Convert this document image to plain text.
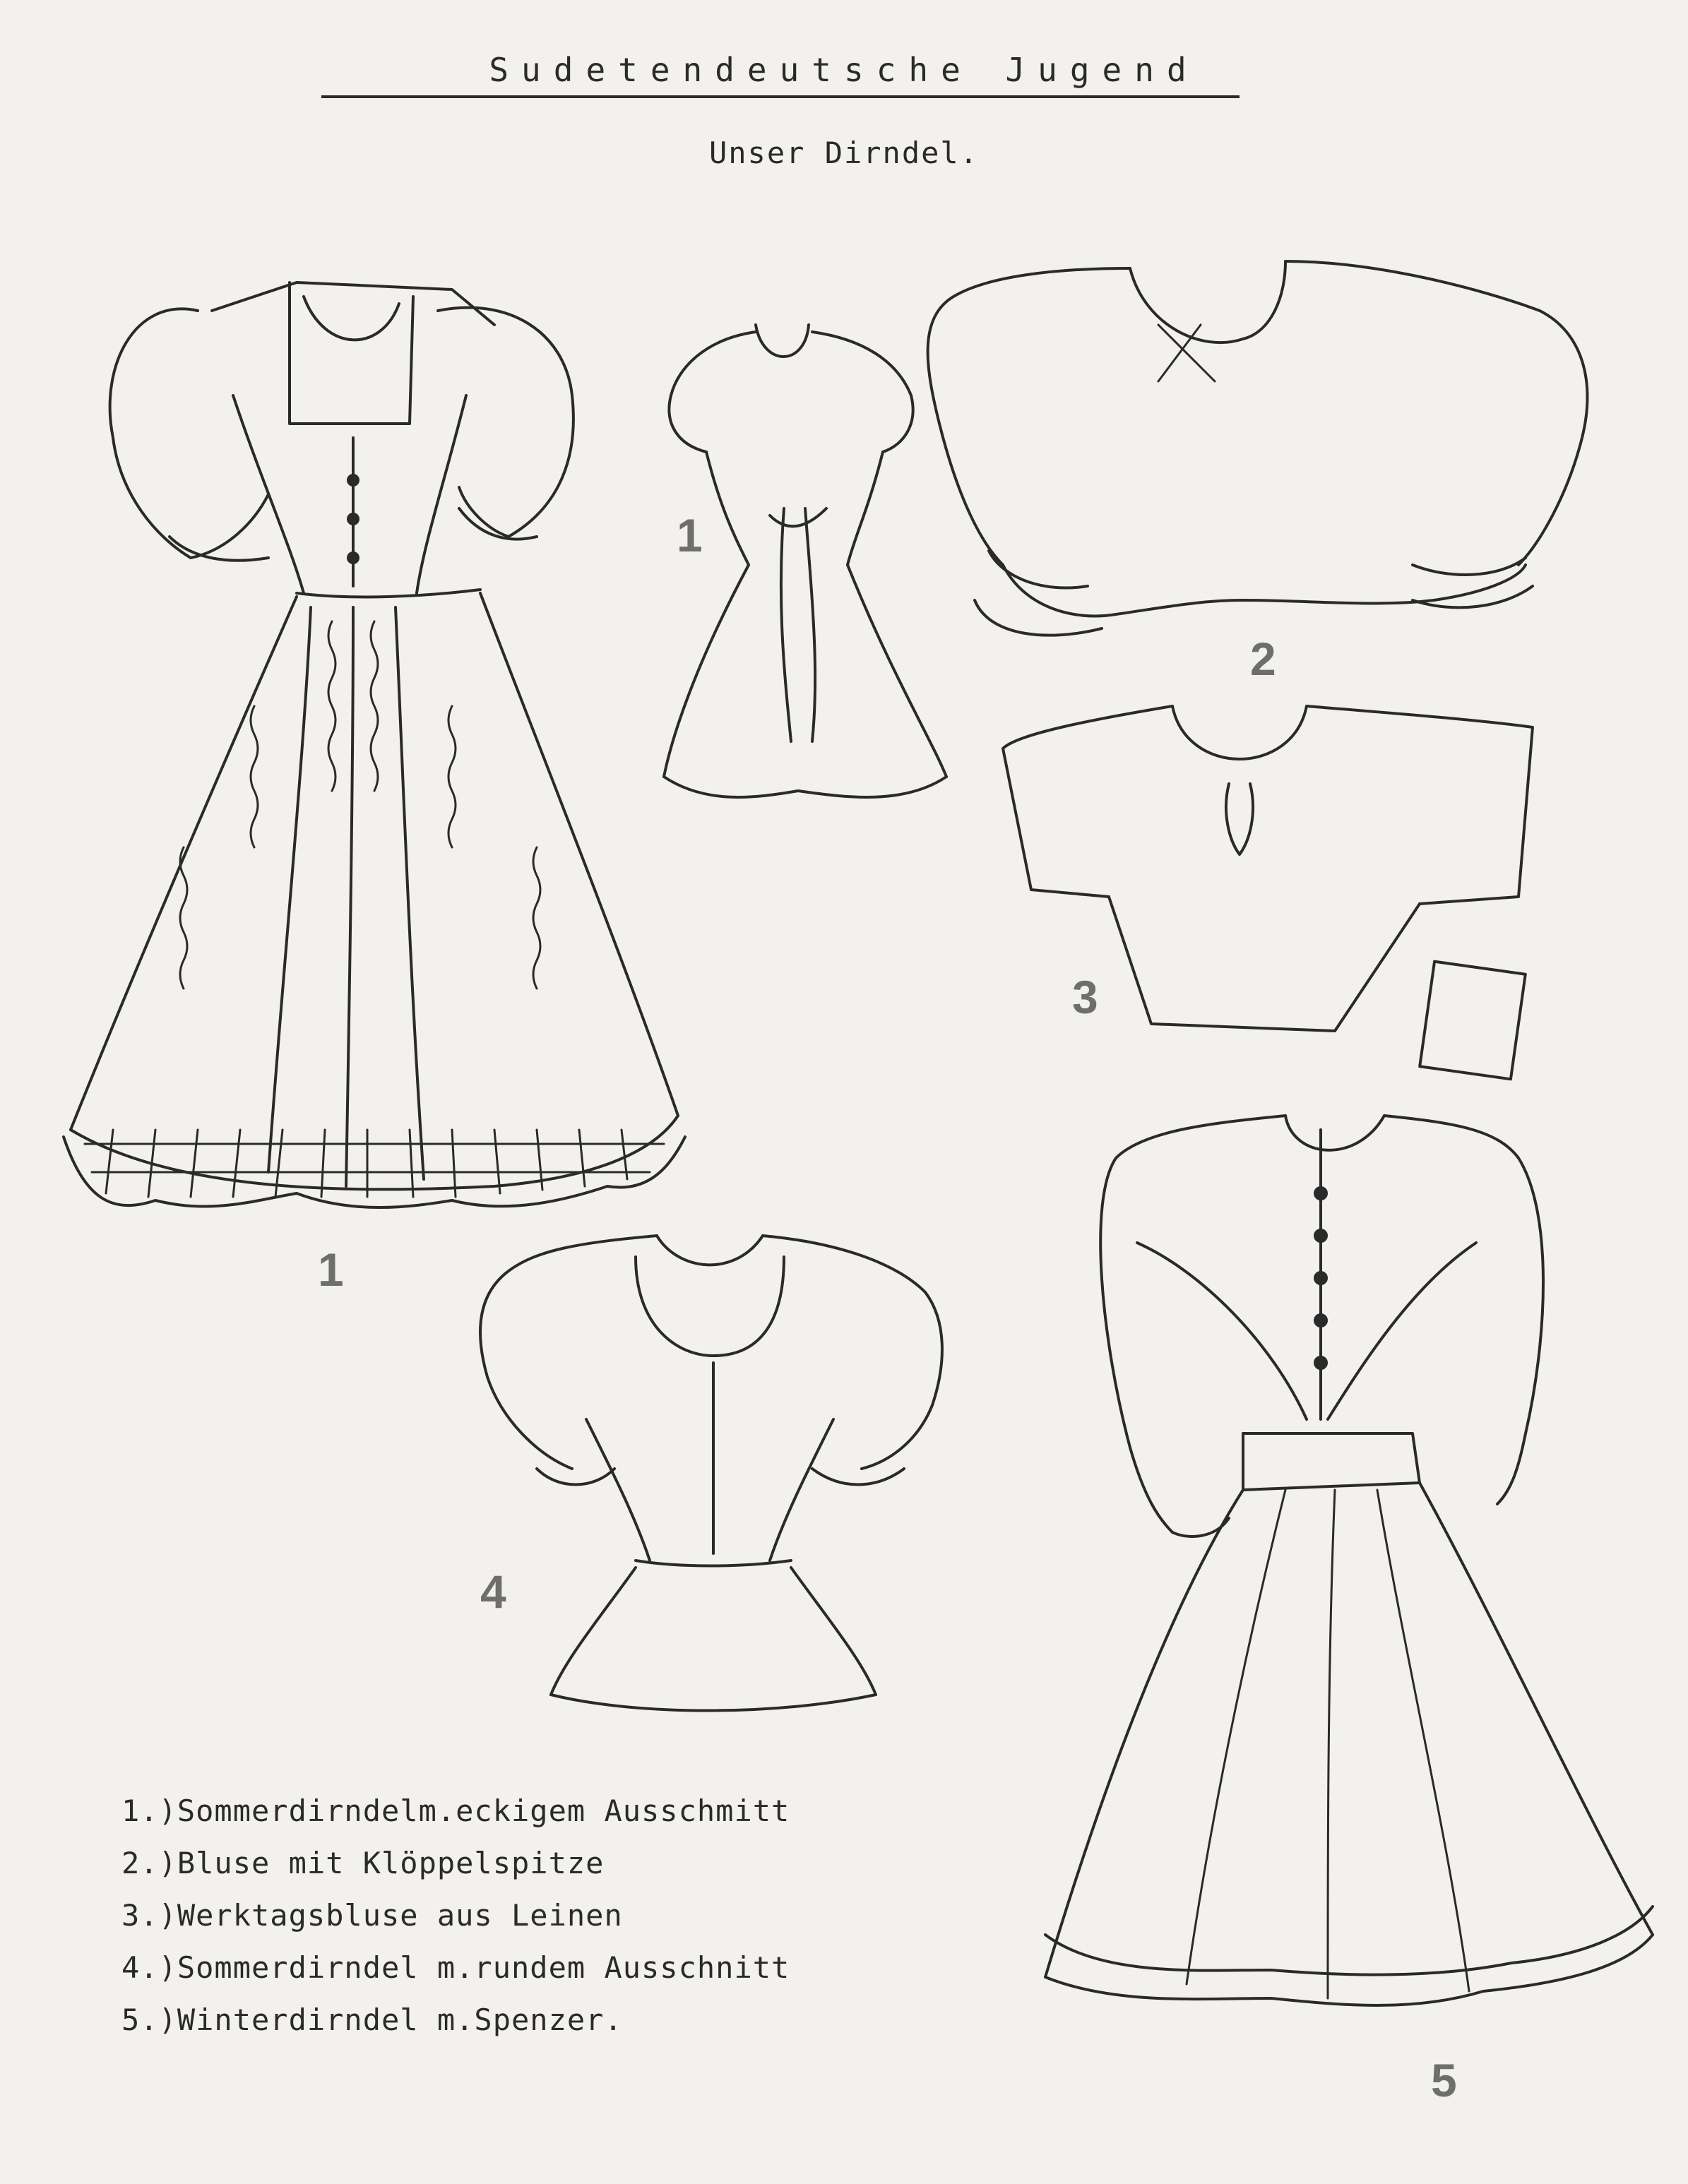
Sudetendeutsche Jugend
Unser Dirndel.
1
2
3
1
4
5
1.)Sommerdirndelm.eckigem Ausschmitt
2.)Bluse mit Klöppelspitze
3.)Werktagsbluse aus Leinen
4.)Sommerdirndel m.rundem Ausschnitt
5.)Winterdirndel m.Spenzer.
